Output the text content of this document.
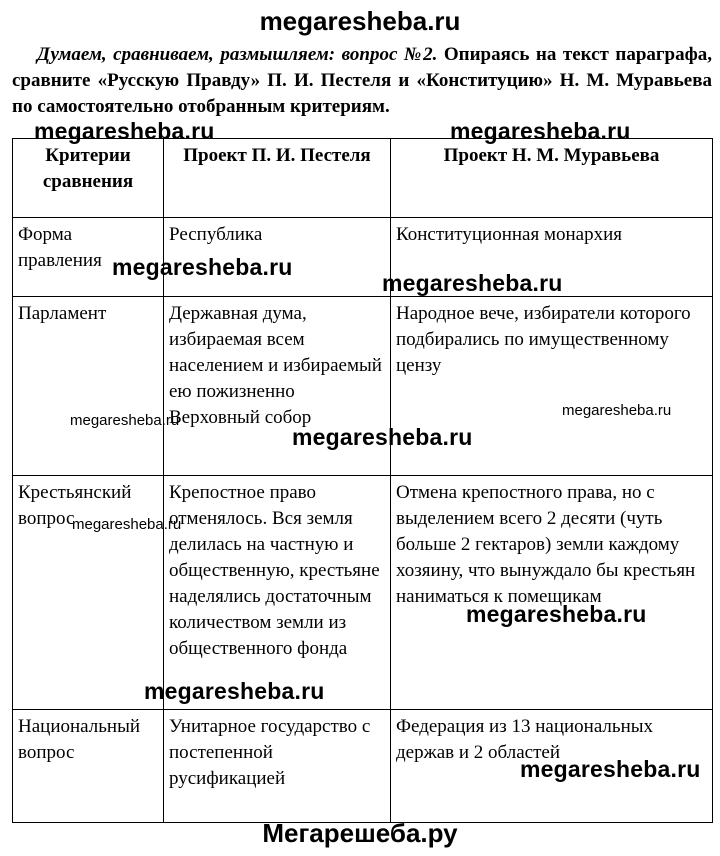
megaresheba.ru
Думаем, сравниваем, размышляем: вопрос №2. Опираясь на текст параграфа, сравните «Русскую Правду» П. И. Пестеля и «Конституцию» Н. М. Муравьева по самостоятельно отобранным критериям.
Критерии сравнения	Проект П. И. Пестеля	Проект Н. М. Муравьева
Форма правления	Республика	Конституционная монархия
Парламент	Державная дума, избираемая всем населением и избираемый ею пожизненно Верховный собор	Народное вече, избиратели которого подбирались по имущественному цензу
Крестьянский вопрос	Крепостное право отменялось. Вся земля делилась на частную и общественную, крестьяне наделялись достаточным количеством земли из общественного фонда	Отмена крепостного права, но с выделением всего 2 десяти (чуть больше 2 гектаров) земли каждому хозяину, что вынуждало бы крестьян наниматься к помещикам
Национальный вопрос	Унитарное государство с постепенной русификацией	Федерация из 13 национальных держав и 2 областей
megaresheba.ru	megaresheba.ru
megaresheba.ru
megaresheba.ru
megaresheba.ru
megaresheba.ru
megaresheba.ru
megaresheba.ru
megaresheba.ru
megaresheba.ru
megaresheba.ru
Мегарешеба.ру
